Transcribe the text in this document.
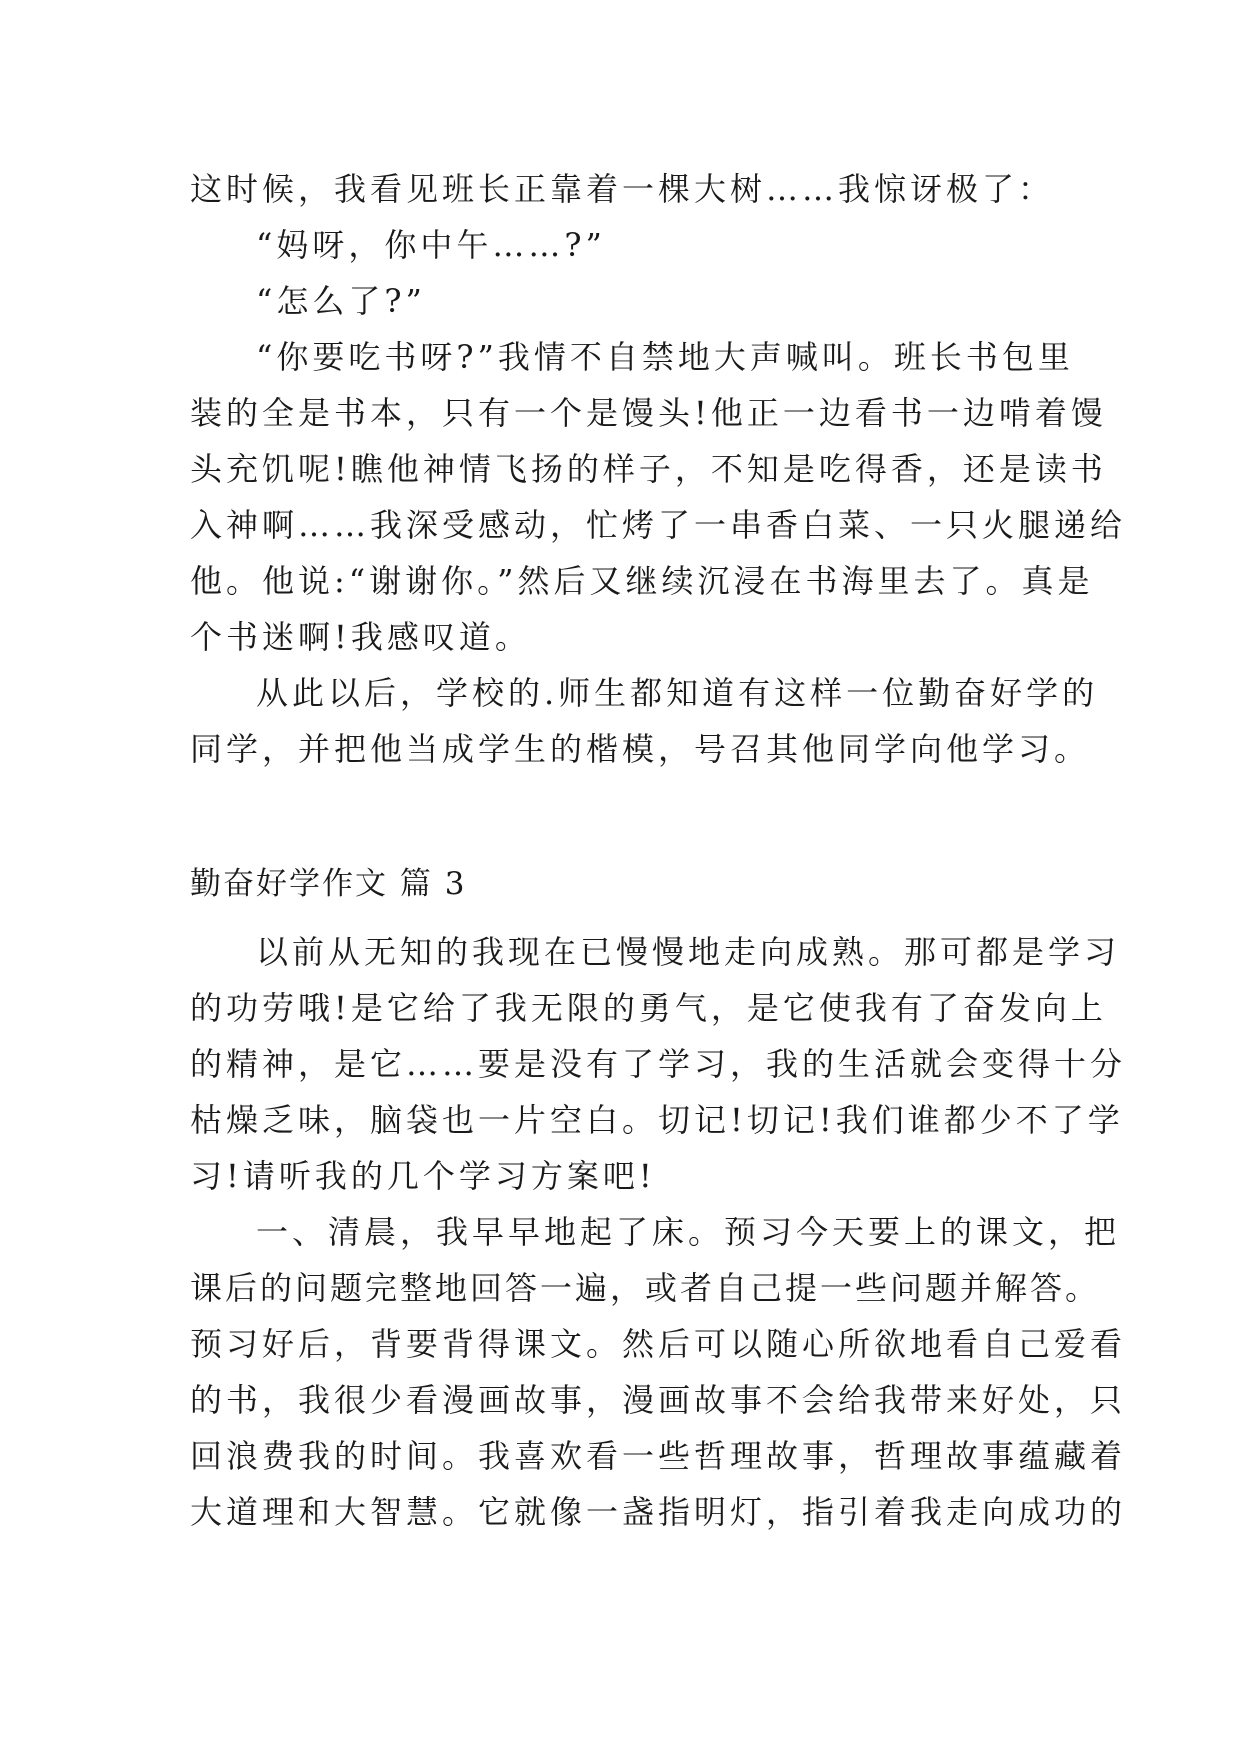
这时候，我看见班长正靠着一棵大树……我惊讶极了：
“妈呀，你中午……?”
“怎么了?”
“你要吃书呀?”我情不自禁地大声喊叫。班长书包里
装的全是书本，只有一个是馒头!他正一边看书一边啃着馒
头充饥呢!瞧他神情飞扬的样子，不知是吃得香，还是读书
入神啊……我深受感动，忙烤了一串香白菜、一只火腿递给
他。他说:“谢谢你。”然后又继续沉浸在书海里去了。真是
个书迷啊!我感叹道。
从此以后，学校的.师生都知道有这样一位勤奋好学的
同学，并把他当成学生的楷模，号召其他同学向他学习。
勤奋好学作文 篇 3
以前从无知的我现在已慢慢地走向成熟。那可都是学习
的功劳哦!是它给了我无限的勇气，是它使我有了奋发向上
的精神，是它……要是没有了学习，我的生活就会变得十分
枯燥乏味，脑袋也一片空白。切记!切记!我们谁都少不了学
习!请听我的几个学习方案吧!
一、清晨，我早早地起了床。预习今天要上的课文，把
课后的问题完整地回答一遍，或者自己提一些问题并解答。
预习好后，背要背得课文。然后可以随心所欲地看自己爱看
的书，我很少看漫画故事，漫画故事不会给我带来好处，只
回浪费我的时间。我喜欢看一些哲理故事，哲理故事蕴藏着
大道理和大智慧。它就像一盏指明灯，指引着我走向成功的
